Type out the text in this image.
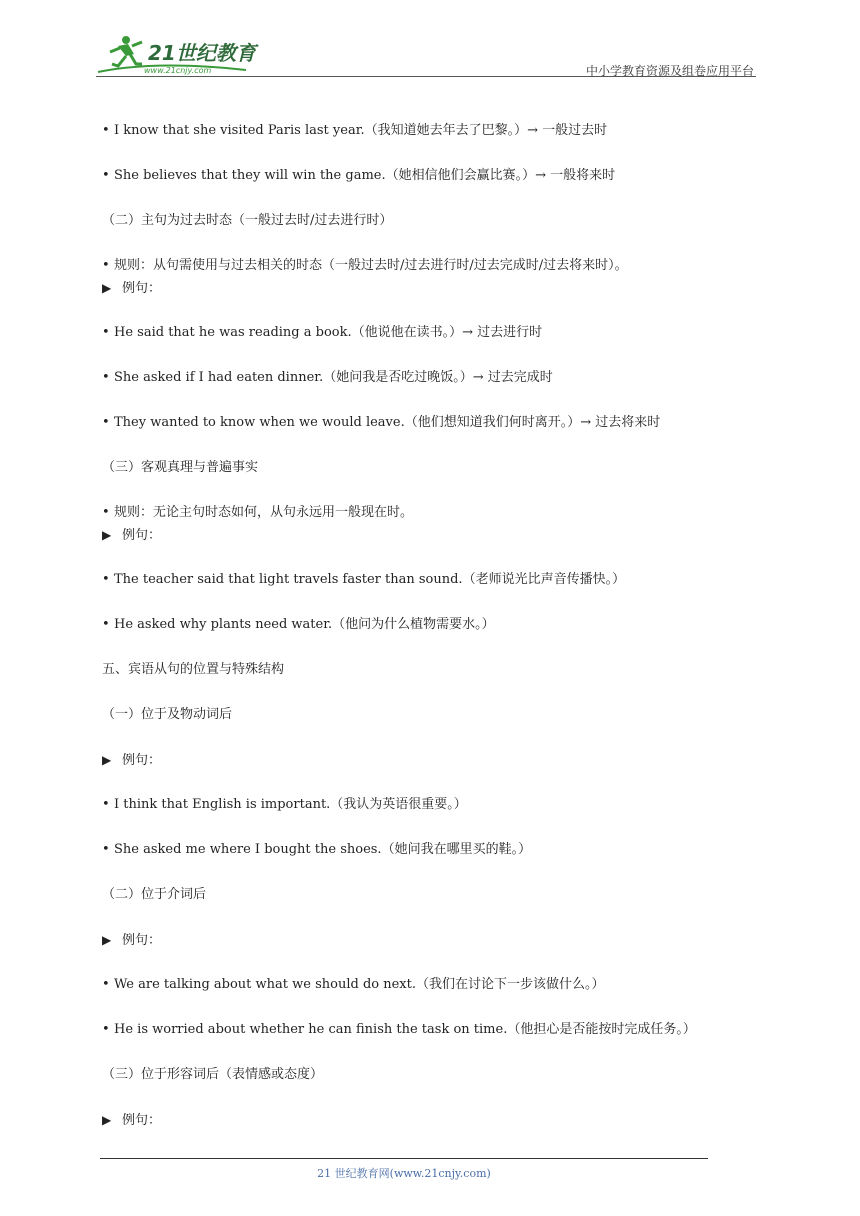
21世纪教育
www.21cnjy.com	中小学教育资源及组卷应用平台
• I know that she visited Paris last year.（我知道她去年去了巴黎。）→ 一般过去时
• She believes that they will win the game.（她相信他们会赢比赛。）→ 一般将来时
（二）主句为过去时态（一般过去时/过去进行时）
• 规则：从句需使用与过去相关的时态（一般过去时/过去进行时/过去完成时/过去将来时）。
▶ 例句：
• He said that he was reading a book.（他说他在读书。）→ 过去进行时
• She asked if I had eaten dinner.（她问我是否吃过晚饭。）→ 过去完成时
• They wanted to know when we would leave.（他们想知道我们何时离开。）→ 过去将来时
（三）客观真理与普遍事实
• 规则：无论主句时态如何，从句永远用一般现在时。
▶ 例句：
• The teacher said that light travels faster than sound.（老师说光比声音传播快。）
• He asked why plants need water.（他问为什么植物需要水。）
五、宾语从句的位置与特殊结构
（一）位于及物动词后
▶ 例句：
• I think that English is important.（我认为英语很重要。）
• She asked me where I bought the shoes.（她问我在哪里买的鞋。）
（二）位于介词后
▶ 例句：
• We are talking about what we should do next.（我们在讨论下一步该做什么。）
• He is worried about whether he can finish the task on time.（他担心是否能按时完成任务。）
（三）位于形容词后（表情感或态度）
▶ 例句：
21 世纪教育网(www.21cnjy.com)
